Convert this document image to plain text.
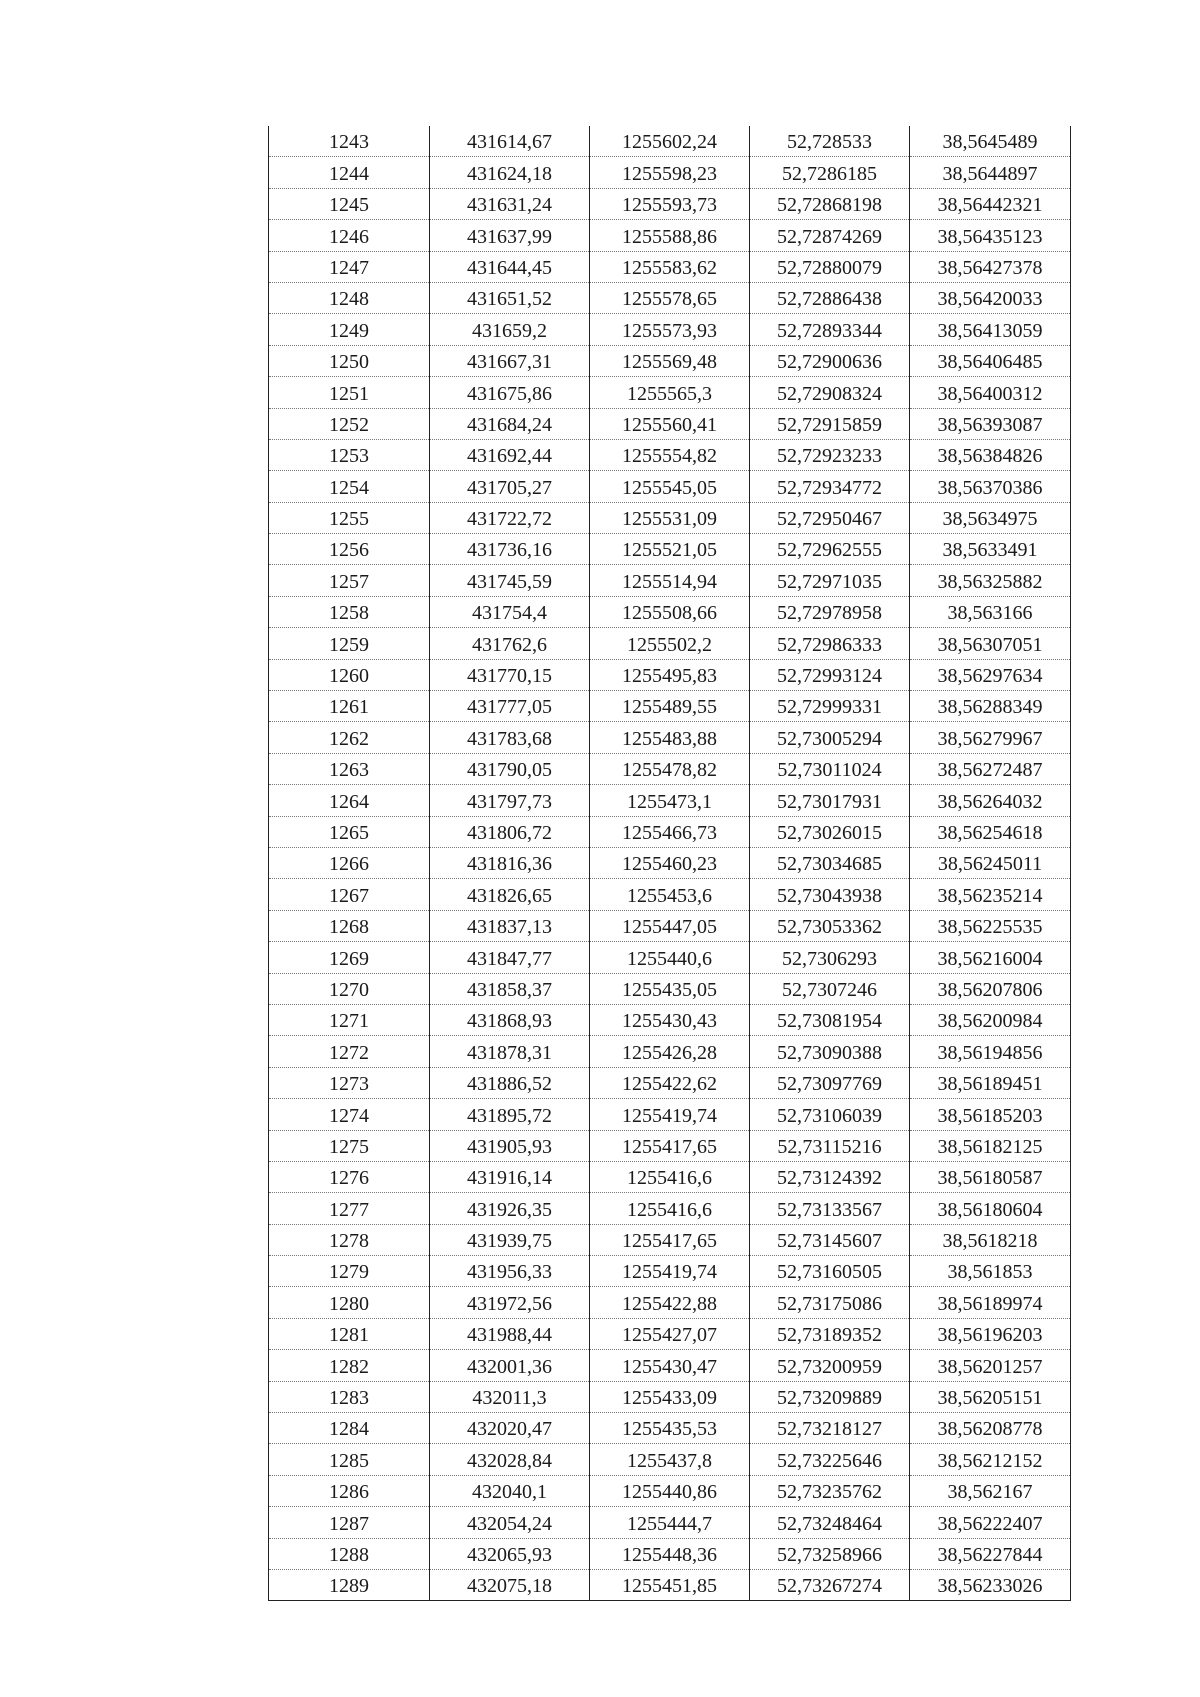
1243	431614,67	1255602,24	52,728533	38,5645489
1244	431624,18	1255598,23	52,7286185	38,5644897
1245	431631,24	1255593,73	52,72868198	38,56442321
1246	431637,99	1255588,86	52,72874269	38,56435123
1247	431644,45	1255583,62	52,72880079	38,56427378
1248	431651,52	1255578,65	52,72886438	38,56420033
1249	431659,2	1255573,93	52,72893344	38,56413059
1250	431667,31	1255569,48	52,72900636	38,56406485
1251	431675,86	1255565,3	52,72908324	38,56400312
1252	431684,24	1255560,41	52,72915859	38,56393087
1253	431692,44	1255554,82	52,72923233	38,56384826
1254	431705,27	1255545,05	52,72934772	38,56370386
1255	431722,72	1255531,09	52,72950467	38,5634975
1256	431736,16	1255521,05	52,72962555	38,5633491
1257	431745,59	1255514,94	52,72971035	38,56325882
1258	431754,4	1255508,66	52,72978958	38,563166
1259	431762,6	1255502,2	52,72986333	38,56307051
1260	431770,15	1255495,83	52,72993124	38,56297634
1261	431777,05	1255489,55	52,72999331	38,56288349
1262	431783,68	1255483,88	52,73005294	38,56279967
1263	431790,05	1255478,82	52,73011024	38,56272487
1264	431797,73	1255473,1	52,73017931	38,56264032
1265	431806,72	1255466,73	52,73026015	38,56254618
1266	431816,36	1255460,23	52,73034685	38,56245011
1267	431826,65	1255453,6	52,73043938	38,56235214
1268	431837,13	1255447,05	52,73053362	38,56225535
1269	431847,77	1255440,6	52,7306293	38,56216004
1270	431858,37	1255435,05	52,7307246	38,56207806
1271	431868,93	1255430,43	52,73081954	38,56200984
1272	431878,31	1255426,28	52,73090388	38,56194856
1273	431886,52	1255422,62	52,73097769	38,56189451
1274	431895,72	1255419,74	52,73106039	38,56185203
1275	431905,93	1255417,65	52,73115216	38,56182125
1276	431916,14	1255416,6	52,73124392	38,56180587
1277	431926,35	1255416,6	52,73133567	38,56180604
1278	431939,75	1255417,65	52,73145607	38,5618218
1279	431956,33	1255419,74	52,73160505	38,561853
1280	431972,56	1255422,88	52,73175086	38,56189974
1281	431988,44	1255427,07	52,73189352	38,56196203
1282	432001,36	1255430,47	52,73200959	38,56201257
1283	432011,3	1255433,09	52,73209889	38,56205151
1284	432020,47	1255435,53	52,73218127	38,56208778
1285	432028,84	1255437,8	52,73225646	38,56212152
1286	432040,1	1255440,86	52,73235762	38,562167
1287	432054,24	1255444,7	52,73248464	38,56222407
1288	432065,93	1255448,36	52,73258966	38,56227844
1289	432075,18	1255451,85	52,73267274	38,56233026
